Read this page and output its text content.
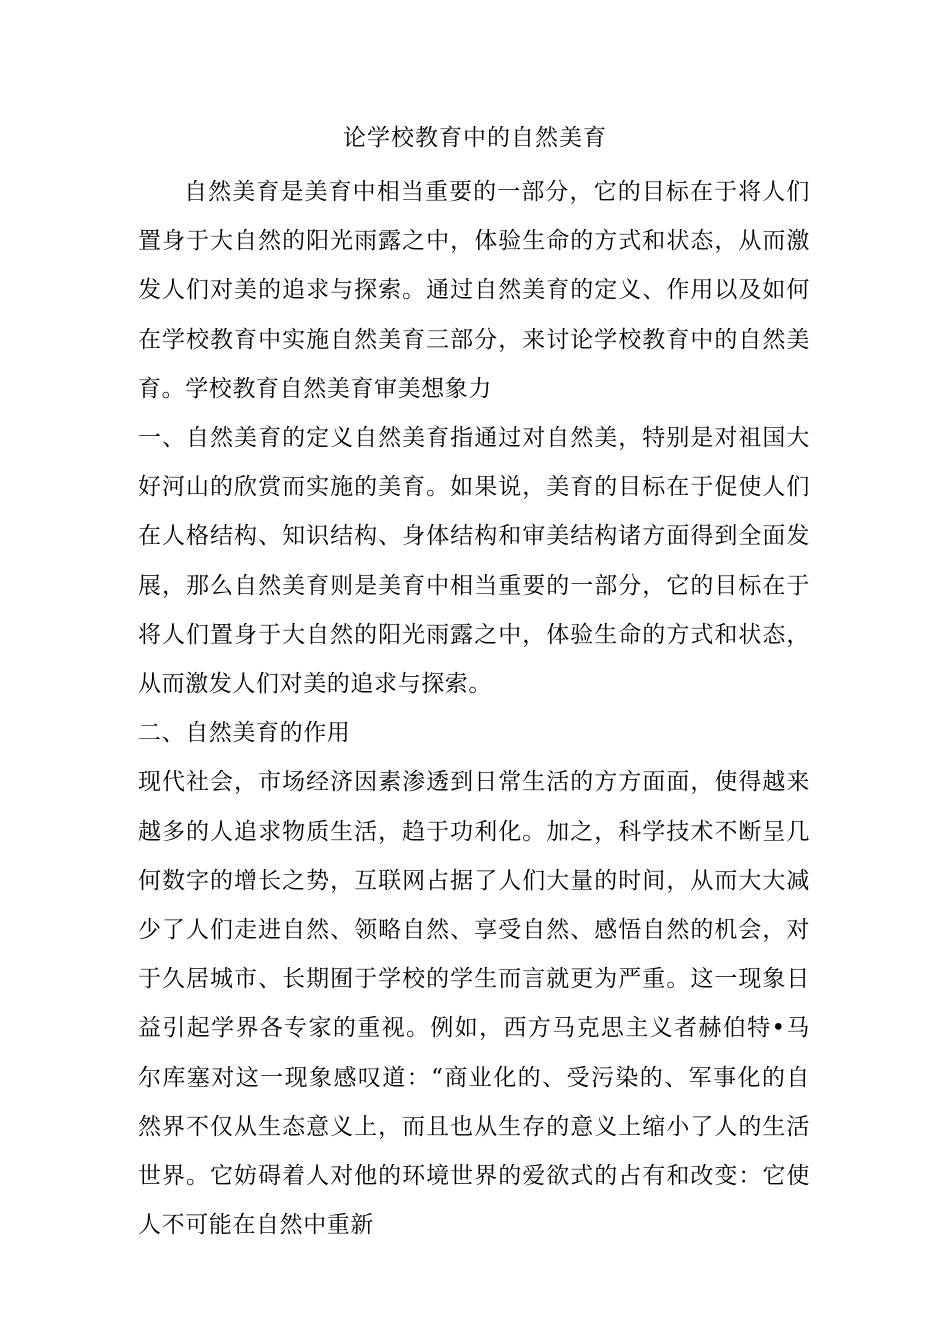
论学校教育中的自然美育

自然美育是美育中相当重要的一部分，它的目标在于将人们置身于大自然的阳光雨露之中，体验生命的方式和状态，从而激发人们对美的追求与探索。通过自然美育的定义、作用以及如何在学校教育中实施自然美育三部分，来讨论学校教育中的自然美育。学校教育自然美育审美想象力

一、自然美育的定义自然美育指通过对自然美，特别是对祖国大好河山的欣赏而实施的美育。如果说，美育的目标在于促使人们在人格结构、知识结构、身体结构和审美结构诸方面得到全面发展，那么自然美育则是美育中相当重要的一部分，它的目标在于将人们置身于大自然的阳光雨露之中，体验生命的方式和状态，从而激发人们对美的追求与探索。

二、自然美育的作用

现代社会，市场经济因素渗透到日常生活的方方面面，使得越来越多的人追求物质生活，趋于功利化。加之，科学技术不断呈几何数字的增长之势，互联网占据了人们大量的时间，从而大大减少了人们走进自然、领略自然、享受自然、感悟自然的机会，对于久居城市、长期囿于学校的学生而言就更为严重。这一现象日益引起学界各专家的重视。例如，西方马克思主义者赫伯特•马尔库塞对这一现象感叹道：“商业化的、受污染的、军事化的自然界不仅从生态意义上，而且也从生存的意义上缩小了人的生活世界。它妨碍着人对他的环境世界的爱欲式的占有和改变：它使人不可能在自然中重新
